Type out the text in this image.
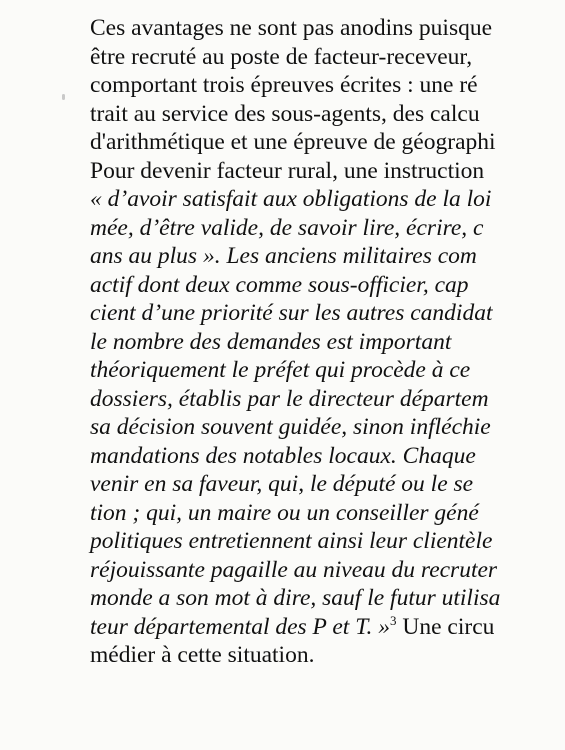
Ces avantages ne sont pas anodins puisque
être recruté au poste de facteur-receveur,
comportant trois épreuves écrites : une ré
trait au service des sous-agents, des calcu
d'arithmétique et une épreuve de géographi
Pour devenir facteur rural, une instruction
« d’avoir satisfait aux obligations de la loi
mée, d’être valide, de savoir lire, écrire, c
ans au plus ». Les anciens militaires com
actif dont deux comme sous-officier, cap
cient d’une priorité sur les autres candidat
le nombre des demandes est important
théoriquement le préfet qui procède à ce
dossiers, établis par le directeur départem
sa décision souvent guidée, sinon infléchie
mandations des notables locaux. Chaque
venir en sa faveur, qui, le député ou le se
tion ; qui, un maire ou un conseiller géné
politiques entretiennent ainsi leur clientèle
réjouissante pagaille au niveau du recruter
monde a son mot à dire, sauf le futur utilisa
teur départemental des P et T. »$^3$ Une circu
médier à cette situation.
